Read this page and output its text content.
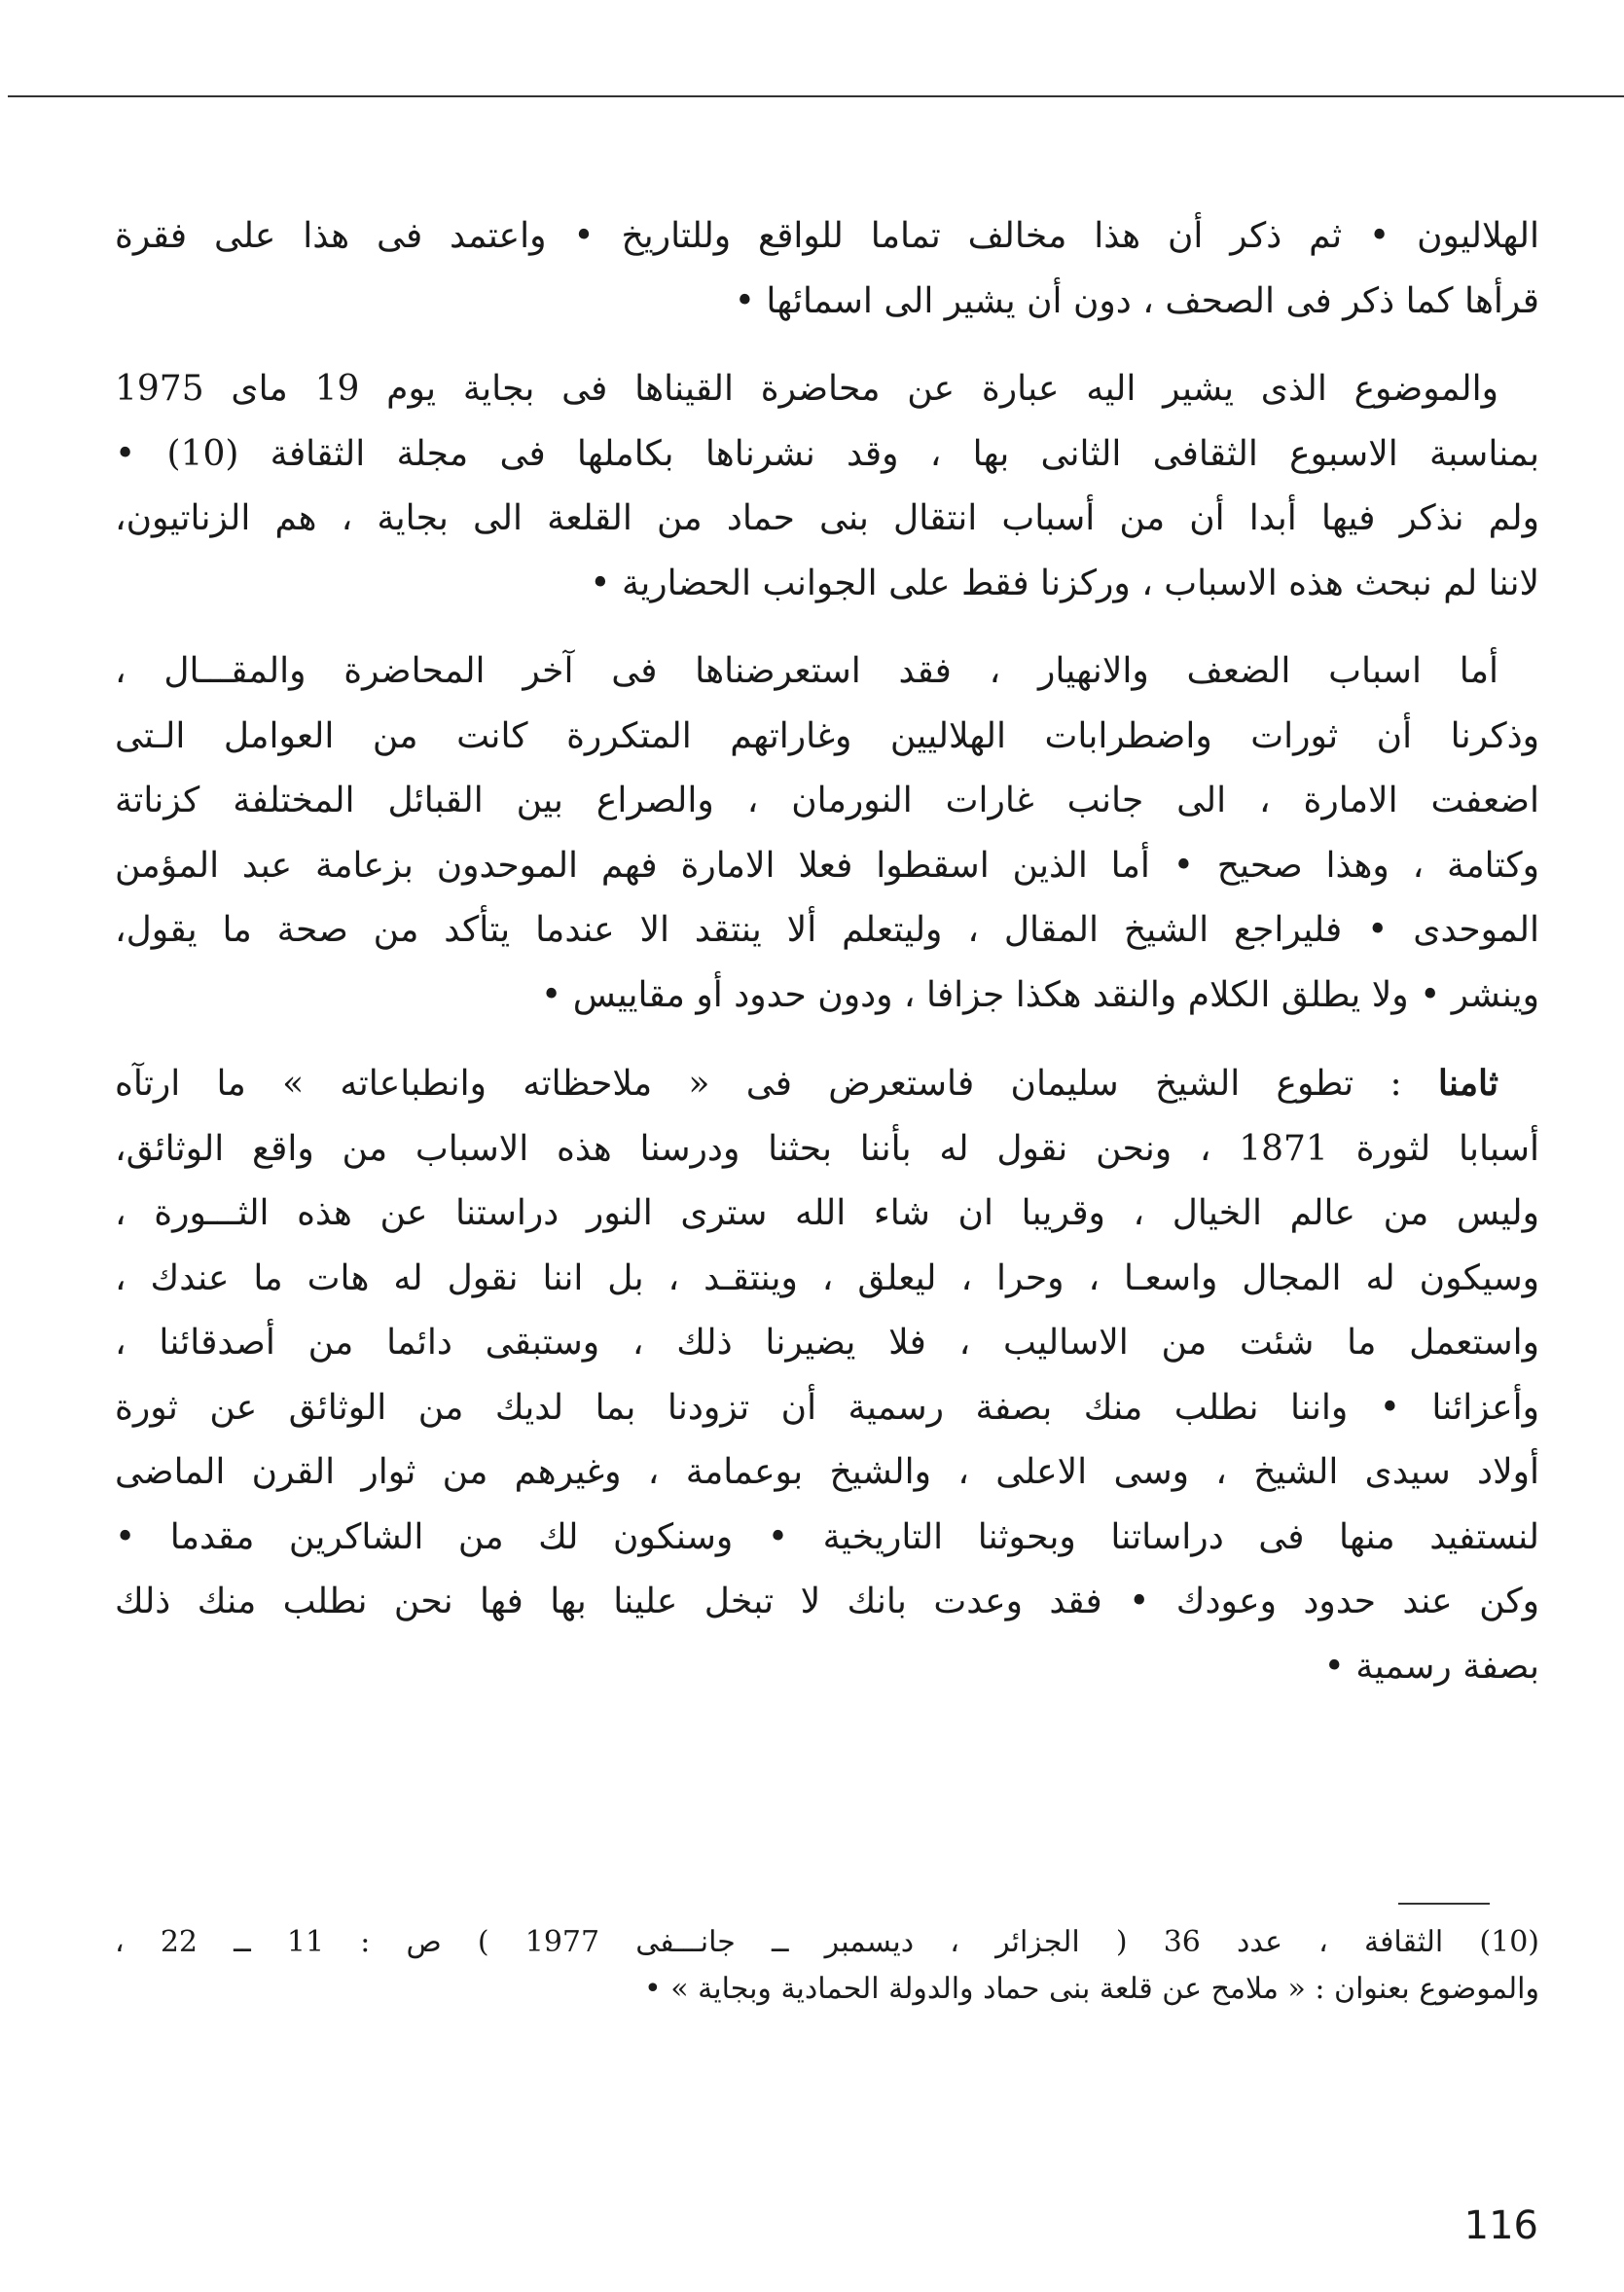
الهلاليون • ثم ذكر أن هذا مخالف تماما للواقع وللتاريخ • واعتمد فى هذا على فقرة
قرأها كما ذكر فى الصحف ، دون أن يشير الى اسمائها •
والموضوع الذى يشير اليه عبارة عن محاضرة القيناها فى بجاية يوم 19 ماى 1975
بمناسبة الاسبوع الثقافى الثانى بها ، وقد نشرناها بكاملها فى مجلة الثقافة (10) •
ولم نذكر فيها أبدا أن من أسباب انتقال بنى حماد من القلعة الى بجاية ، هم الزناتيون،
لاننا لم نبحث هذه الاسباب ، وركزنا فقط على الجوانب الحضارية •
أما اسباب الضعف والانهيار ، فقد استعرضناها فى آخر المحاضرة والمقـــال ،
وذكرنا أن ثورات واضطرابات الهلاليين وغاراتهم المتكررة كانت من العوامل الـتى
اضعفت الامارة ، الى جانب غارات النورمان ، والصراع بين القبائل المختلفة كزناتة
وكتامة ، وهذا صحيح • أما الذين اسقطوا فعلا الامارة فهم الموحدون بزعامة عبد المؤمن
الموحدى • فليراجع الشيخ المقال ، وليتعلم ألا ينتقد الا عندما يتأكد من صحة ما يقول،
وينشر • ولا يطلق الكلام والنقد هكذا جزافا ، ودون حدود أو مقاييس •
ثامنا : تطوع الشيخ سليمان فاستعرض فى « ملاحظاته وانطباعاته » ما ارتآه
أسبابا لثورة 1871 ، ونحن نقول له بأننا بحثنا ودرسنا هذه الاسباب من واقع الوثائق،
وليس من عالم الخيال ، وقريبا ان شاء الله سترى النور دراستنا عن هذه الثـــورة ،
وسيكون له المجال واسعـا ، وحرا ، ليعلق ، وينتقـد ، بل اننا نقول له هات ما عندك ،
واستعمل ما شئت من الاساليب ، فلا يضيرنا ذلك ، وستبقى دائما من أصدقائنا ،
وأعزائنا • واننا نطلب منك بصفة رسمية أن تزودنا بما لديك من الوثائق عن ثورة
أولاد سيدى الشيخ ، وسى الاعلى ، والشيخ بوعمامة ، وغيرهم من ثوار القرن الماضى
لنستفيد منها فى دراساتنا وبحوثنا التاريخية • وسنكون لك من الشاكرين مقدما •
وكن عند حدود وعودك • فقد وعدت بانك لا تبخل علينا بها فها نحن نطلب منك ذلك
بصفة رسمية •
(10) الثقافة ، عدد 36 ( الجزائر ، ديسمبر ــ جانـــفى 1977 ) ص : 11 ــ 22 ،
والموضوع بعنوان : « ملامح عن قلعة بنى حماد والدولة الحمادية وبجاية » •
116
